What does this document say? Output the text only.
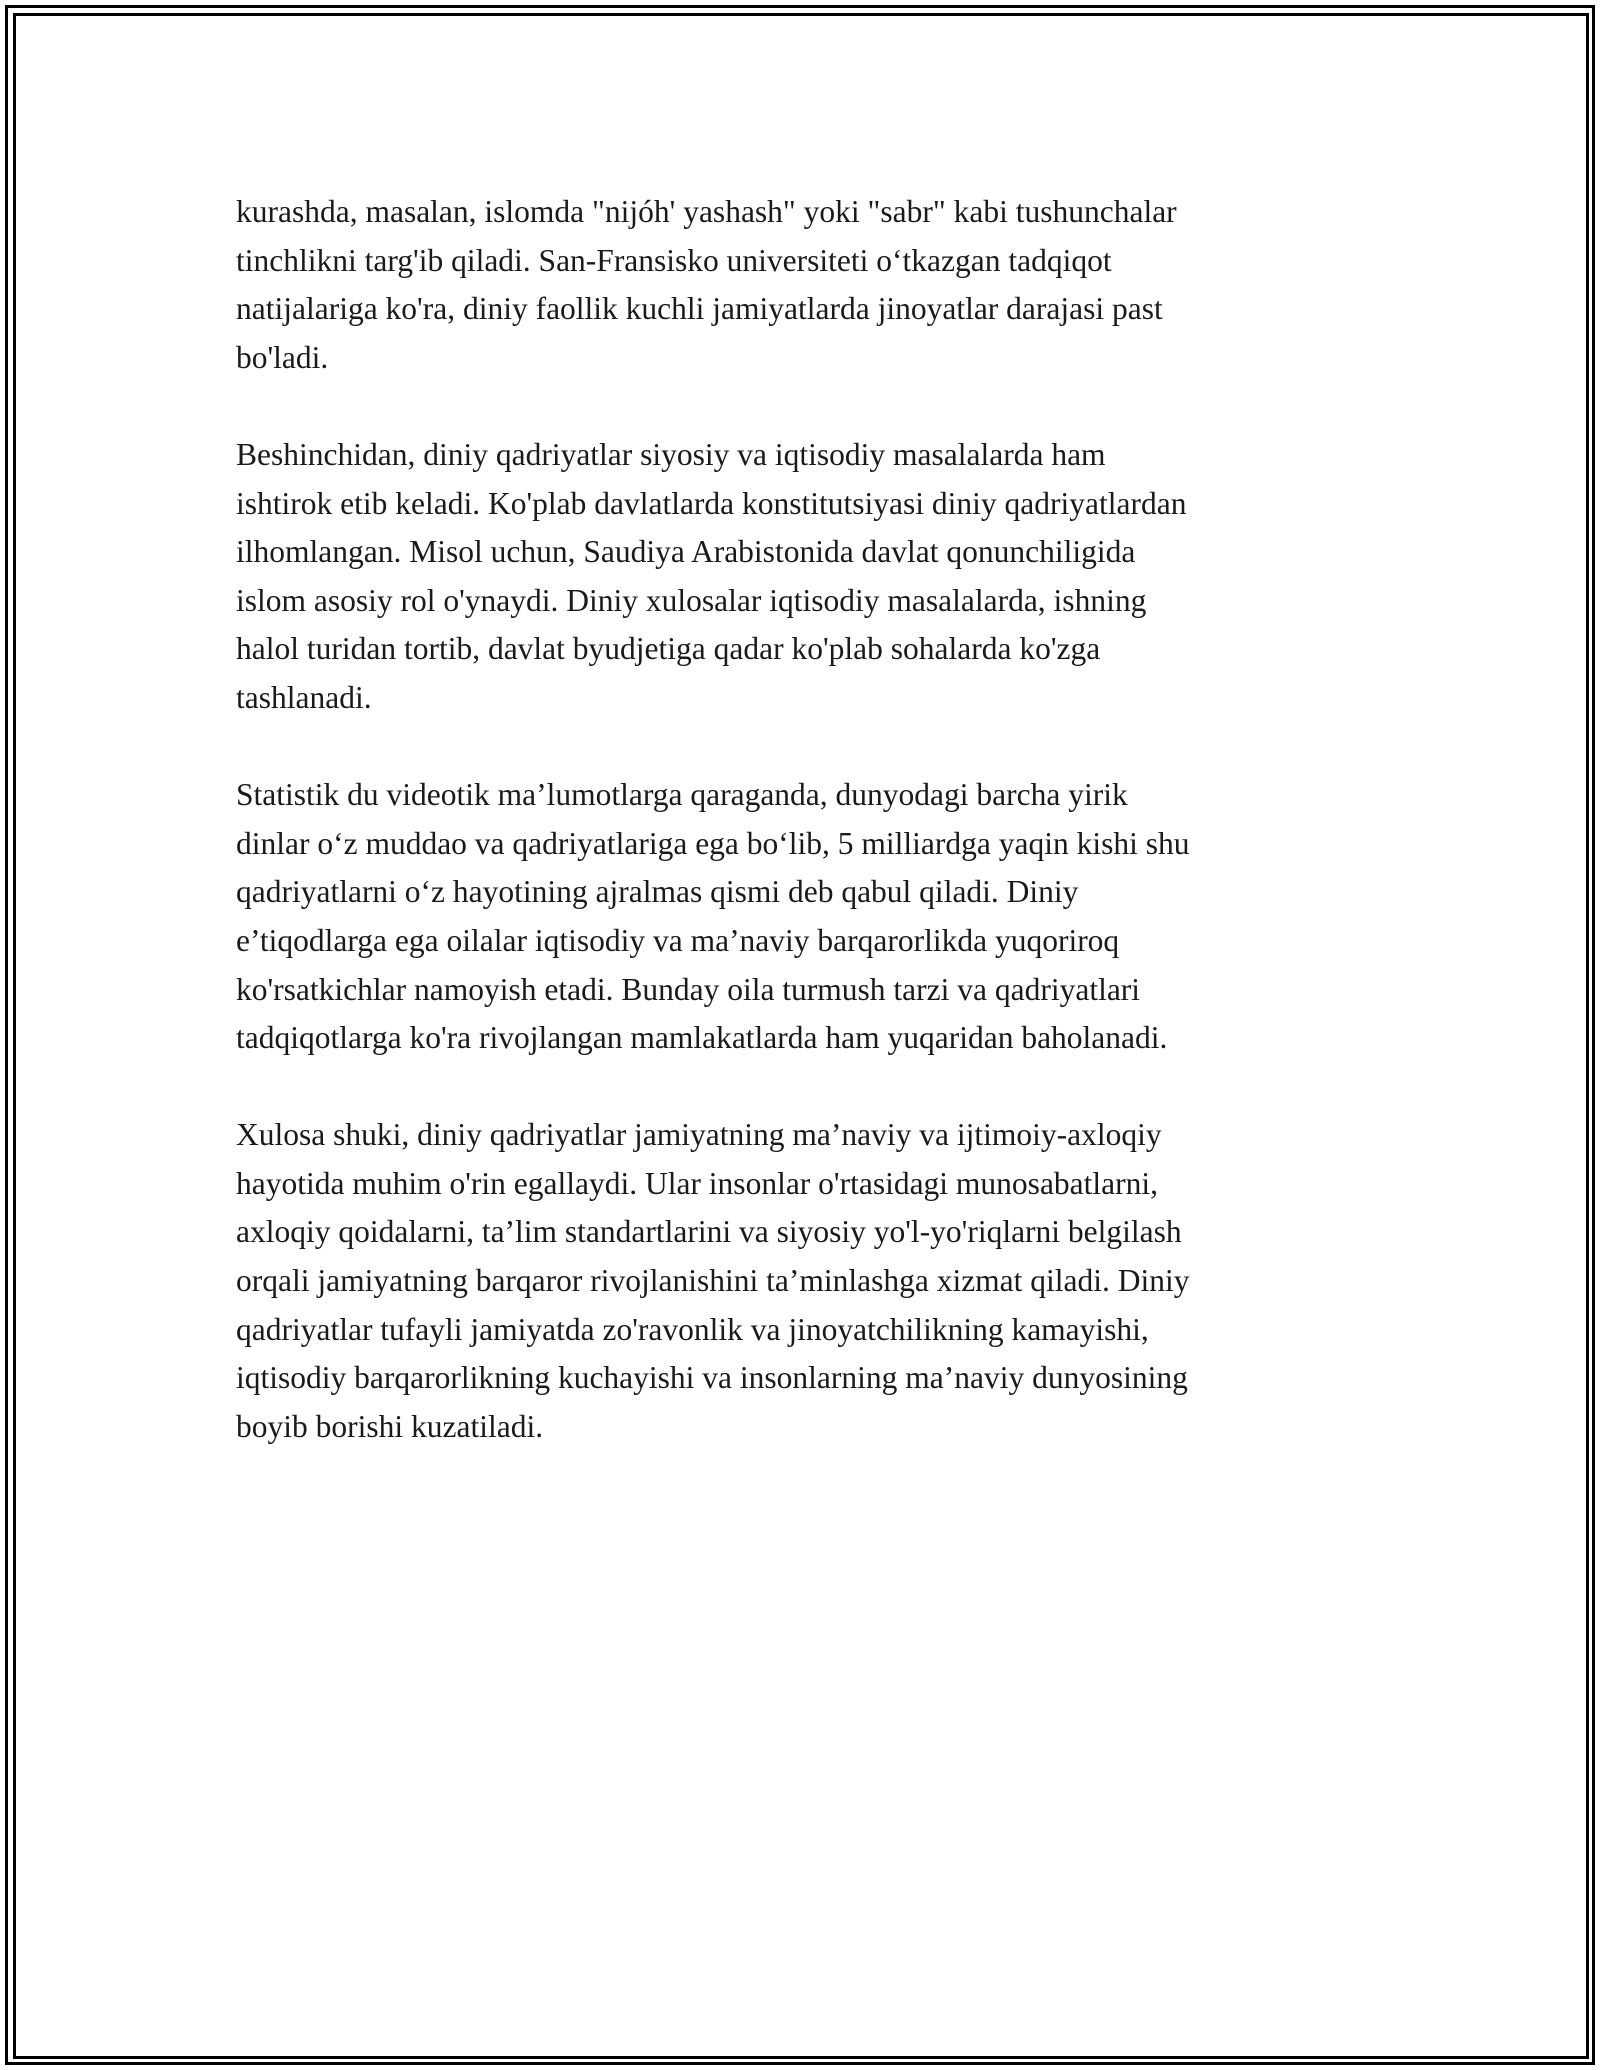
kurashda, masalan, islomda "nijóh' yashash" yoki "sabr" kabi tushunchalar
tinchlikni targ'ib qiladi. San-Fransisko universiteti o‘tkazgan tadqiqot
natijalariga ko'ra, diniy faollik kuchli jamiyatlarda jinoyatlar darajasi past
bo'ladi.

Beshinchidan, diniy qadriyatlar siyosiy va iqtisodiy masalalarda ham
ishtirok etib keladi. Ko'plab davlatlarda konstitutsiyasi diniy qadriyatlardan
ilhomlangan. Misol uchun, Saudiya Arabistonida davlat qonunchiligida
islom asosiy rol o'ynaydi. Diniy xulosalar iqtisodiy masalalarda, ishning
halol turidan tortib, davlat byudjetiga qadar ko'plab sohalarda ko'zga
tashlanadi.

Statistik du videotik ma’lumotlarga qaraganda, dunyodagi barcha yirik
dinlar o‘z muddao va qadriyatlariga ega bo‘lib, 5 milliardga yaqin kishi shu
qadriyatlarni o‘z hayotining ajralmas qismi deb qabul qiladi. Diniy
e’tiqodlarga ega oilalar iqtisodiy va ma’naviy barqarorlikda yuqoriroq
ko'rsatkichlar namoyish etadi. Bunday oila turmush tarzi va qadriyatlari
tadqiqotlarga ko'ra rivojlangan mamlakatlarda ham yuqaridan baholanadi.

Xulosa shuki, diniy qadriyatlar jamiyatning ma’naviy va ijtimoiy-axloqiy
hayotida muhim o'rin egallaydi. Ular insonlar o'rtasidagi munosabatlarni,
axloqiy qoidalarni, ta’lim standartlarini va siyosiy yo'l-yo'riqlarni belgilash
orqali jamiyatning barqaror rivojlanishini ta’minlashga xizmat qiladi. Diniy
qadriyatlar tufayli jamiyatda zo'ravonlik va jinoyatchilikning kamayishi,
iqtisodiy barqarorlikning kuchayishi va insonlarning ma’naviy dunyosining
boyib borishi kuzatiladi.
